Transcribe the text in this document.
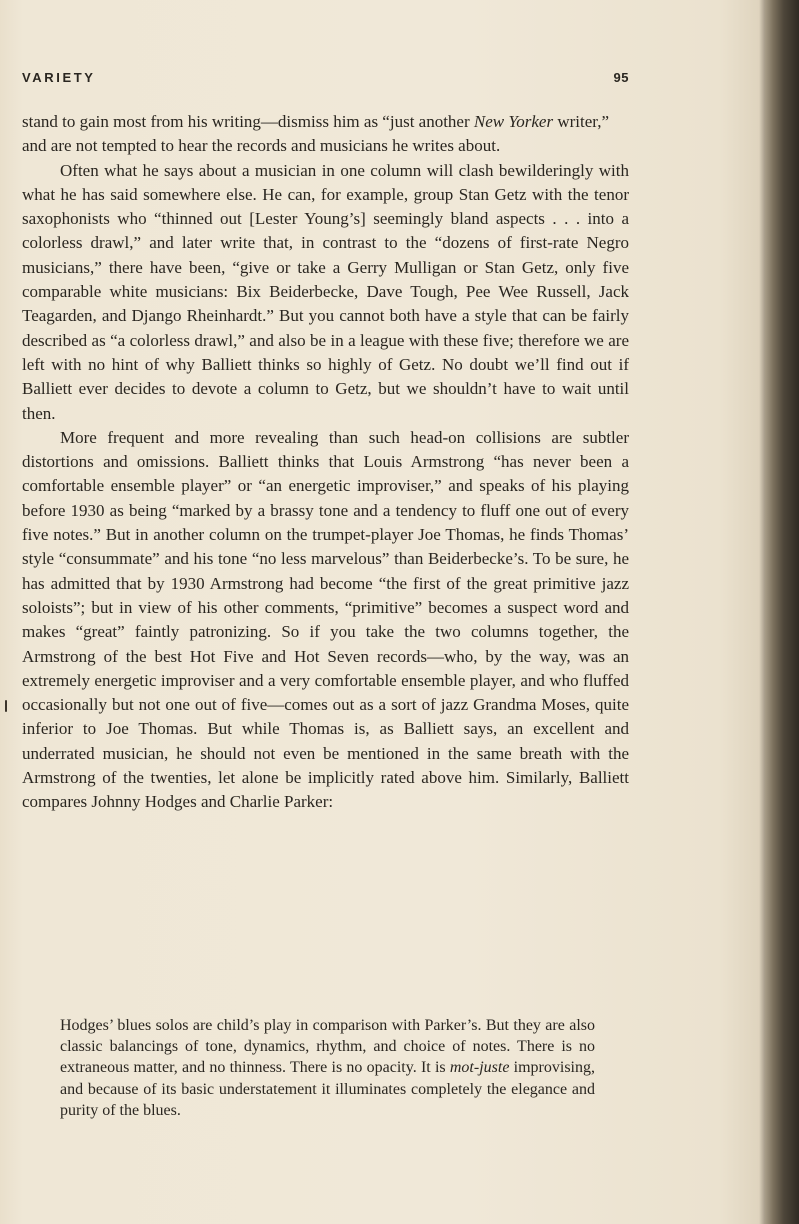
VARIETY	95

stand to gain most from his writing—dismiss him as “just another New Yorker writer,” and are not tempted to hear the records and musicians he writes about.

Often what he says about a musician in one column will clash bewilderingly with what he has said somewhere else. He can, for example, group Stan Getz with the tenor saxophonists who “thinned out [Lester Young’s] seemingly bland aspects . . . into a colorless drawl,” and later write that, in contrast to the “dozens of first-rate Negro musicians,” there have been, “give or take a Gerry Mulligan or Stan Getz, only five comparable white musicians: Bix Beiderbecke, Dave Tough, Pee Wee Russell, Jack Teagarden, and Django Rheinhardt.” But you cannot both have a style that can be fairly described as “a colorless drawl,” and also be in a league with these five; therefore we are left with no hint of why Balliett thinks so highly of Getz. No doubt we’ll find out if Balliett ever decides to devote a column to Getz, but we shouldn’t have to wait until then.

More frequent and more revealing than such head-on collisions are subtler distortions and omissions. Balliett thinks that Louis Armstrong “has never been a comfortable ensemble player” or “an energetic improviser,” and speaks of his playing before 1930 as being “marked by a brassy tone and a tendency to fluff one out of every five notes.” But in another column on the trumpet-player Joe Thomas, he finds Thomas’ style “consummate” and his tone “no less marvelous” than Beiderbecke’s. To be sure, he has admitted that by 1930 Armstrong had become “the first of the great primitive jazz soloists”; but in view of his other comments, “primitive” becomes a suspect word and makes “great” faintly patronizing. So if you take the two columns together, the Armstrong of the best Hot Five and Hot Seven records—who, by the way, was an extremely energetic improviser and a very comfortable ensemble player, and who fluffed occasionally but not one out of five—comes out as a sort of jazz Grandma Moses, quite inferior to Joe Thomas. But while Thomas is, as Balliett says, an excellent and underrated musician, he should not even be mentioned in the same breath with the Armstrong of the twenties, let alone be implicitly rated above him. Similarly, Balliett compares Johnny Hodges and Charlie Parker:

Hodges’ blues solos are child’s play in comparison with Parker’s. But they are also classic balancings of tone, dynamics, rhythm, and choice of notes. There is no extraneous matter, and no thinness. There is no opacity. It is mot-juste improvising, and because of its basic understatement it illuminates completely the elegance and purity of the blues.
